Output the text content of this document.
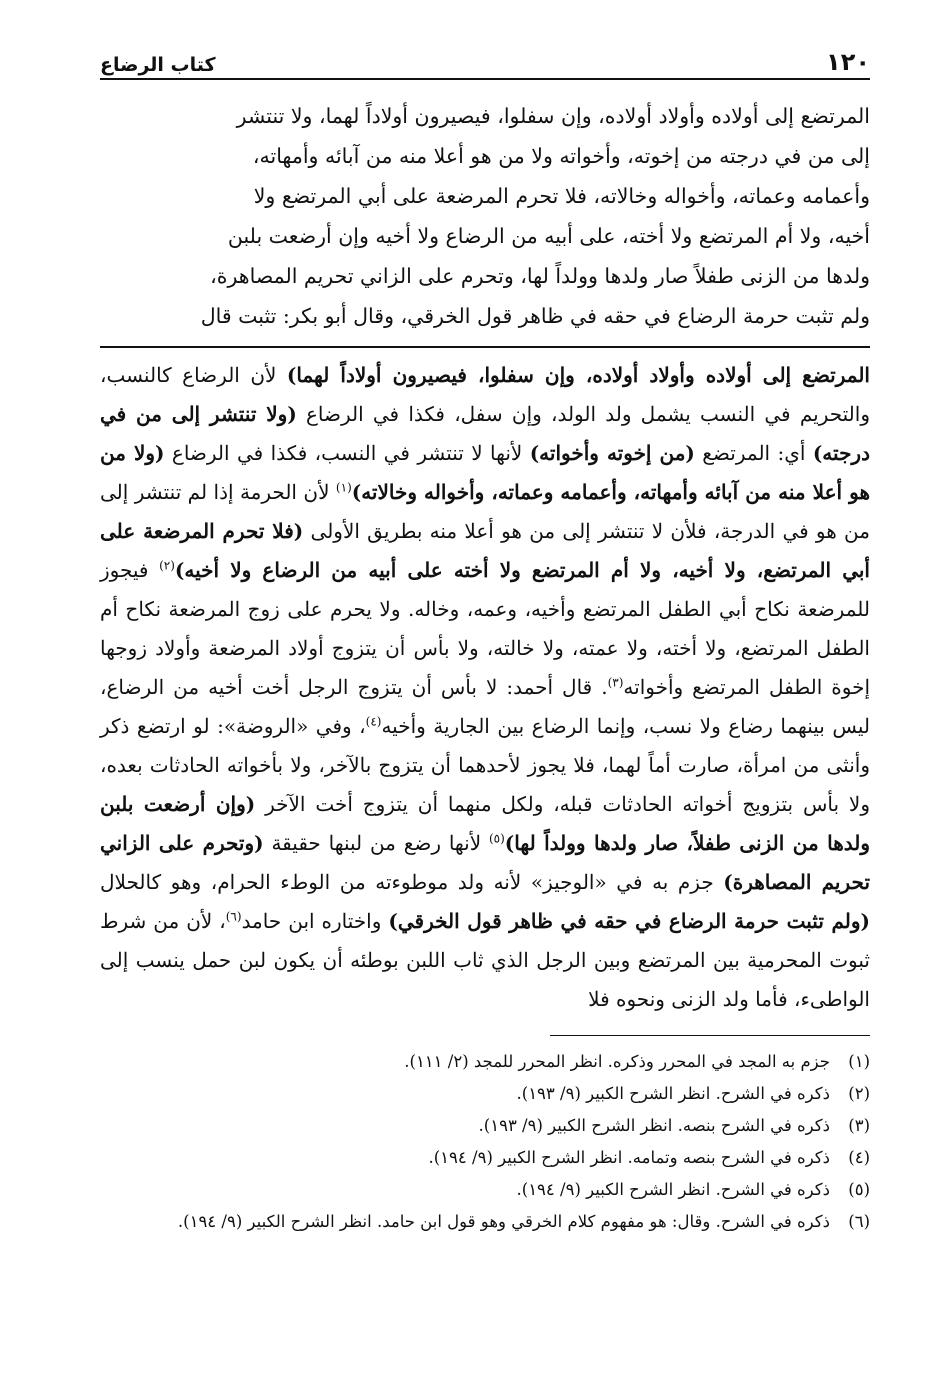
١٢٠
كتاب الرضاع

المرتضع إلى أولاده وأولاد أولاده، وإن سفلوا، فيصيرون أولاداً لهما، ولا تنتشر

إلى من في درجته من إخوته، وأخواته ولا من هو أعلا منه من آبائه وأمهاته،

وأعمامه وعماته، وأخواله وخالاته، فلا تحرم المرضعة على أبي المرتضع ولا

أخيه، ولا أم المرتضع ولا أخته، على أبيه من الرضاع ولا أخيه وإن أرضعت بلبن

ولدها من الزنى طفلاً صار ولدها وولداً لها، وتحرم على الزاني تحريم المصاهرة،

ولم تثبت حرمة الرضاع في حقه في ظاهر قول الخرقي، وقال أبو بكر: تثبت قال

المرتضع إلى أولاده وأولاد أولاده، وإن سفلوا، فيصيرون أولاداً لهما) لأن الرضاع كالنسب، والتحريم في النسب يشمل ولد الولد، وإن سفل، فكذا في الرضاع (ولا تنتشر إلى من في درجته) أي: المرتضع (من إخوته وأخواته) لأنها لا تنتشر في النسب، فكذا في الرضاع (ولا من هو أعلا منه من آبائه وأمهاته، وأعمامه وعماته، وأخواله وخالاته)$^{(١)}$ لأن الحرمة إذا لم تنتشر إلى من هو في الدرجة، فلأن لا تنتشر إلى من هو أعلا منه بطريق الأولى (فلا تحرم المرضعة على أبي المرتضع، ولا أخيه، ولا أم المرتضع ولا أخته على أبيه من الرضاع ولا أخيه)$^{(٢)}$ فيجوز للمرضعة نكاح أبي الطفل المرتضع وأخيه، وعمه، وخاله. ولا يحرم على زوج المرضعة نكاح أم الطفل المرتضع، ولا أخته، ولا عمته، ولا خالته، ولا بأس أن يتزوج أولاد المرضعة وأولاد زوجها إخوة الطفل المرتضع وأخواته$^{(٣)}$. قال أحمد: لا بأس أن يتزوج الرجل أخت أخيه من الرضاع، ليس بينهما رضاع ولا نسب، وإنما الرضاع بين الجارية وأخيه$^{(٤)}$، وفي «الروضة»: لو ارتضع ذكر وأنثى من امرأة، صارت أماً لهما، فلا يجوز لأحدهما أن يتزوج بالآخر، ولا بأخواته الحادثات بعده، ولا بأس بتزويج أخواته الحادثات قبله، ولكل منهما أن يتزوج أخت الآخر (وإن أرضعت بلبن ولدها من الزنى طفلاً، صار ولدها وولداً لها)$^{(٥)}$ لأنها رضع من لبنها حقيقة (وتحرم على الزاني تحريم المصاهرة) جزم به في «الوجيز» لأنه ولد موطوءته من الوطء الحرام، وهو كالحلال (ولم تثبت حرمة الرضاع في حقه في ظاهر قول الخرقي) واختاره ابن حامد$^{(٦)}$، لأن من شرط ثبوت المحرمية بين المرتضع وبين الرجل الذي ثاب اللبن بوطئه أن يكون لبن حمل ينسب إلى الواطىء، فأما ولد الزنى ونحوه فلا

(١)
جزم به المجد في المحرر وذكره. انظر المحرر للمجد (٢/ ١١١).
(٢)
ذكره في الشرح. انظر الشرح الكبير (٩/ ١٩٣).
(٣)
ذكره في الشرح بنصه. انظر الشرح الكبير (٩/ ١٩٣).
(٤)
ذكره في الشرح بنصه وتمامه. انظر الشرح الكبير (٩/ ١٩٤).
(٥)
ذكره في الشرح. انظر الشرح الكبير (٩/ ١٩٤).
(٦)
ذكره في الشرح. وقال: هو مفهوم كلام الخرقي وهو قول ابن حامد. انظر الشرح الكبير (٩/ ١٩٤).
